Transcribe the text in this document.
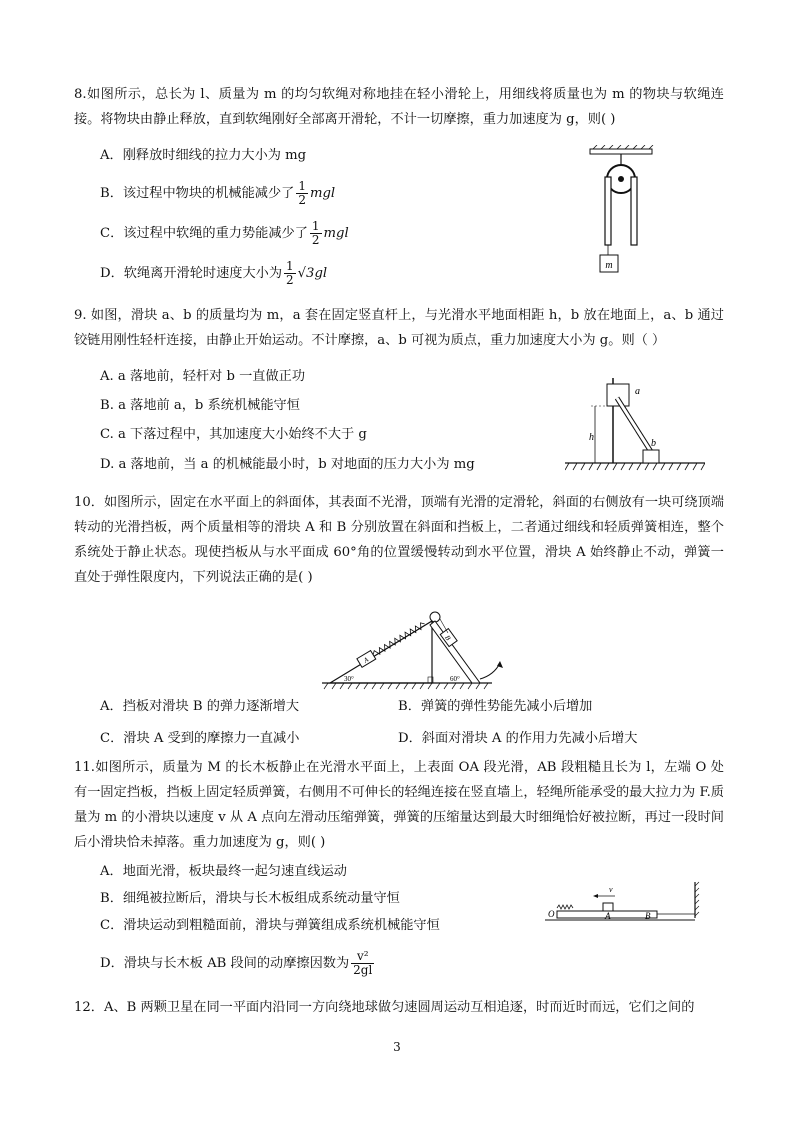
8.如图所示，总长为 l、质量为 m 的均匀软绳对称地挂在轻小滑轮上，用细线将质量也为 m 的物块与软绳连接。将物块由静止释放，直到软绳刚好全部离开滑轮，不计一切摩擦，重力加速度为 g，则( )
A．刚释放时细线的拉力大小为 mg
B．该过程中物块的机械能减少了 $\frac{1}{2}$ mgl
C．该过程中软绳的重力势能减少了 $\frac{1}{2}$ mgl
D．软绳离开滑轮时速度大小为 $\frac{1}{2} √3gl$
m
9. 如图，滑块 a、b 的质量均为 m，a 套在固定竖直杆上，与光滑水平地面相距 h，b 放在地面上，a、b 通过铰链用刚性轻杆连接，由静止开始运动。不计摩擦，a、b 可视为质点，重力加速度大小为 g。则（ ）
A. a 落地前，轻杆对 b 一直做正功
B. a 落地前 a，b 系统机械能守恒
C. a 下落过程中，其加速度大小始终不大于 g
D. a 落地前，当 a 的机械能最小时，b 对地面的压力大小为 mg
a
b
h
10．如图所示，固定在水平面上的斜面体，其表面不光滑，顶端有光滑的定滑轮，斜面的右侧放有一块可绕顶端转动的光滑挡板，两个质量相等的滑块 A 和 B 分别放置在斜面和挡板上，二者通过细线和轻质弹簧相连，整个系统处于静止状态。现使挡板从与水平面成 60°角的位置缓慢转动到水平位置，滑块 A 始终静止不动，弹簧一直处于弹性限度内，下列说法正确的是( )
A
B
30°	60°
A．挡板对滑块 B 的弹力逐渐增大	B．弹簧的弹性势能先减小后增加
C．滑块 A 受到的摩擦力一直减小	D．斜面对滑块 A 的作用力先减小后增大
11.如图所示，质量为 M 的长木板静止在光滑水平面上，上表面 OA 段光滑，AB 段粗糙且长为 l，左端 O 处有一固定挡板，挡板上固定轻质弹簧，右侧用不可伸长的轻绳连接在竖直墙上，轻绳所能承受的最大拉力为 F.质量为 m 的小滑块以速度 v 从 A 点向左滑动压缩弹簧，弹簧的压缩量达到最大时细绳恰好被拉断，再过一段时间后小滑块恰未掉落。重力加速度为 g，则( )
A．地面光滑，板块最终一起匀速直线运动
B．细绳被拉断后，滑块与长木板组成系统动量守恒
C．滑块运动到粗糙面前，滑块与弹簧组成系统机械能守恒
D．滑块与长木板 AB 段间的动摩擦因数为 $\frac{\text{v²}}{2gl}$
v
O	A	B
12．A、B 两颗卫星在同一平面内沿同一方向绕地球做匀速圆周运动互相追逐，时而近时而远，它们之间的
3
